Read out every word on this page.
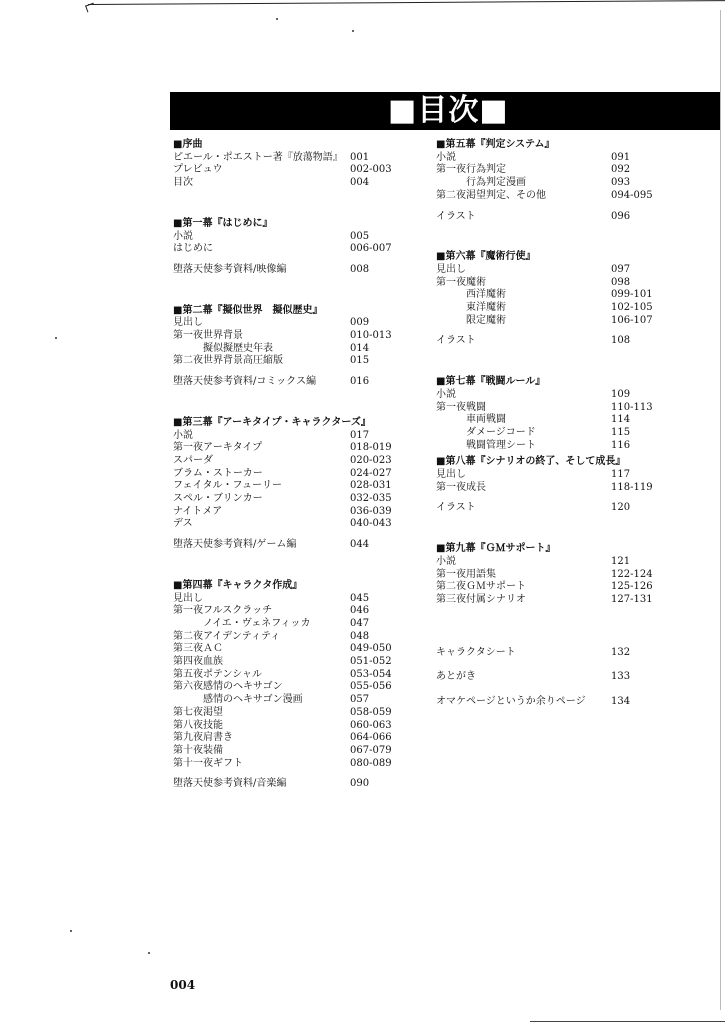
■目次■
■序曲
ピエール・ポエストー著『放蕩物語』 001
プレビュウ	002-003
目次	004
■第一幕『はじめに』
小説	005
はじめに	006-007
堕落天使参考資料/映像編	008
■第二幕『擬似世界　擬似歴史』
見出し	009
第一夜世界背景	010-013
擬似擬歴史年表	014
第二夜世界背景高圧縮版	015
堕落天使参考資料/コミックス編	016
■第三幕『アーキタイプ・キャラクターズ』
小説	017
第一夜アーキタイプ	018-019
スパーダ	020-023
ブラム・ストーカー	024-027
フェイタル・フューリー	028-031
スペル・ブリンカー	032-035
ナイトメア	036-039
デス	040-043
堕落天使参考資料/ゲーム編	044
■第四幕『キャラクタ作成』
見出し	045
第一夜フルスクラッチ	046
ノイエ・ヴェネフィッカ	047
第二夜アイデンティティ	048
第三夜ＡＣ	049-050
第四夜血族	051-052
第五夜ポテンシャル	053-054
第六夜感情のヘキサゴン	055-056
感情のヘキサゴン漫画	057
第七夜渇望	058-059
第八夜技能	060-063
第九夜肩書き	064-066
第十夜装備	067-079
第十一夜ギフト	080-089
堕落天使参考資料/音楽編	090
■第五幕『判定システム』
小説	091
第一夜行為判定	092
行為判定漫画	093
第二夜渇望判定、その他	094-095
イラスト	096
■第六幕『魔術行使』
見出し	097
第一夜魔術	098
西洋魔術	099-101
東洋魔術	102-105
限定魔術	106-107
イラスト	108
■第七幕『戦闘ルール』
小説	109
第一夜戦闘	110-113
車両戦闘	114
ダメージコード	115
戦闘管理シート	116
■第八幕『シナリオの終了、そして成長』
見出し	117
第一夜成長	118-119
イラスト	120
■第九幕『ＧＭサポート』
小説	121
第一夜用語集	122-124
第二夜ＧＭサポート	125-126
第三夜付属シナリオ	127-131
キャラクタシート	132
あとがき	133
オマケページというか余りページ	134
004
